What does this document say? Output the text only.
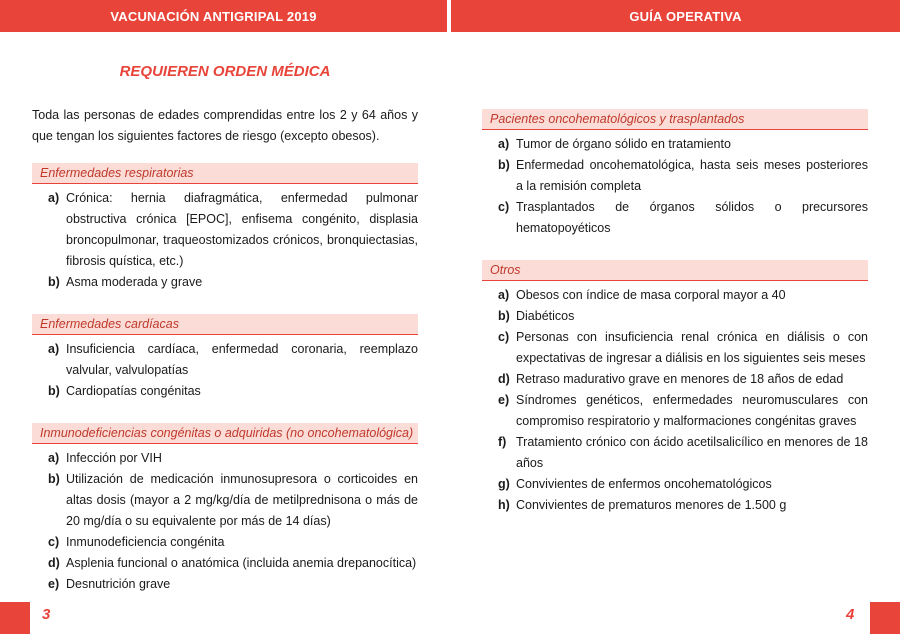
VACUNACIÓN ANTIGRIPAL 2019	GUÍA OPERATIVA
REQUIEREN ORDEN MÉDICA

Toda las personas de edades comprendidas entre los 2 y 64 años y que tengan los siguientes factores de riesgo (excepto obesos).

Enfermedades respiratorias
a) Crónica: hernia diafragmática, enfermedad pulmonar obstructiva crónica [EPOC], enfisema congénito, displasia broncopulmonar, traqueostomizados crónicos, bronquiectasias, fibrosis quística, etc.)
b) Asma moderada y grave
Enfermedades cardíacas
a) Insuficiencia cardíaca, enfermedad coronaria, reemplazo valvular, valvulopatías
b) Cardiopatías congénitas
Inmunodeficiencias congénitas o adquiridas (no oncohematológica)
a) Infección por VIH
b) Utilización de medicación inmunosupresora o corticoides en altas dosis (mayor a 2 mg/kg/día de metilprednisona o más de 20 mg/día o su equivalente por más de 14 días)
c) Inmunodeficiencia congénita
d) Asplenia funcional o anatómica (incluida anemia drepanocítica)
e) Desnutrición grave
Pacientes oncohematológicos y trasplantados
a) Tumor de órgano sólido en tratamiento
b) Enfermedad oncohematológica, hasta seis meses posteriores a la remisión completa
c) Trasplantados de órganos sólidos o precursores hematopoyéticos
Otros
a) Obesos con índice de masa corporal mayor a 40
b) Diabéticos
c) Personas con insuficiencia renal crónica en diálisis o con expectativas de ingresar a diálisis en los siguientes seis meses
d) Retraso madurativo grave en menores de 18 años de edad
e) Síndromes genéticos, enfermedades neuromusculares con compromiso respiratorio y malformaciones congénitas graves
f) Tratamiento crónico con ácido acetilsalicílico en menores de 18 años
g) Convivientes de enfermos oncohematológicos
h) Convivientes de prematuros menores de 1.500 g
3	4
